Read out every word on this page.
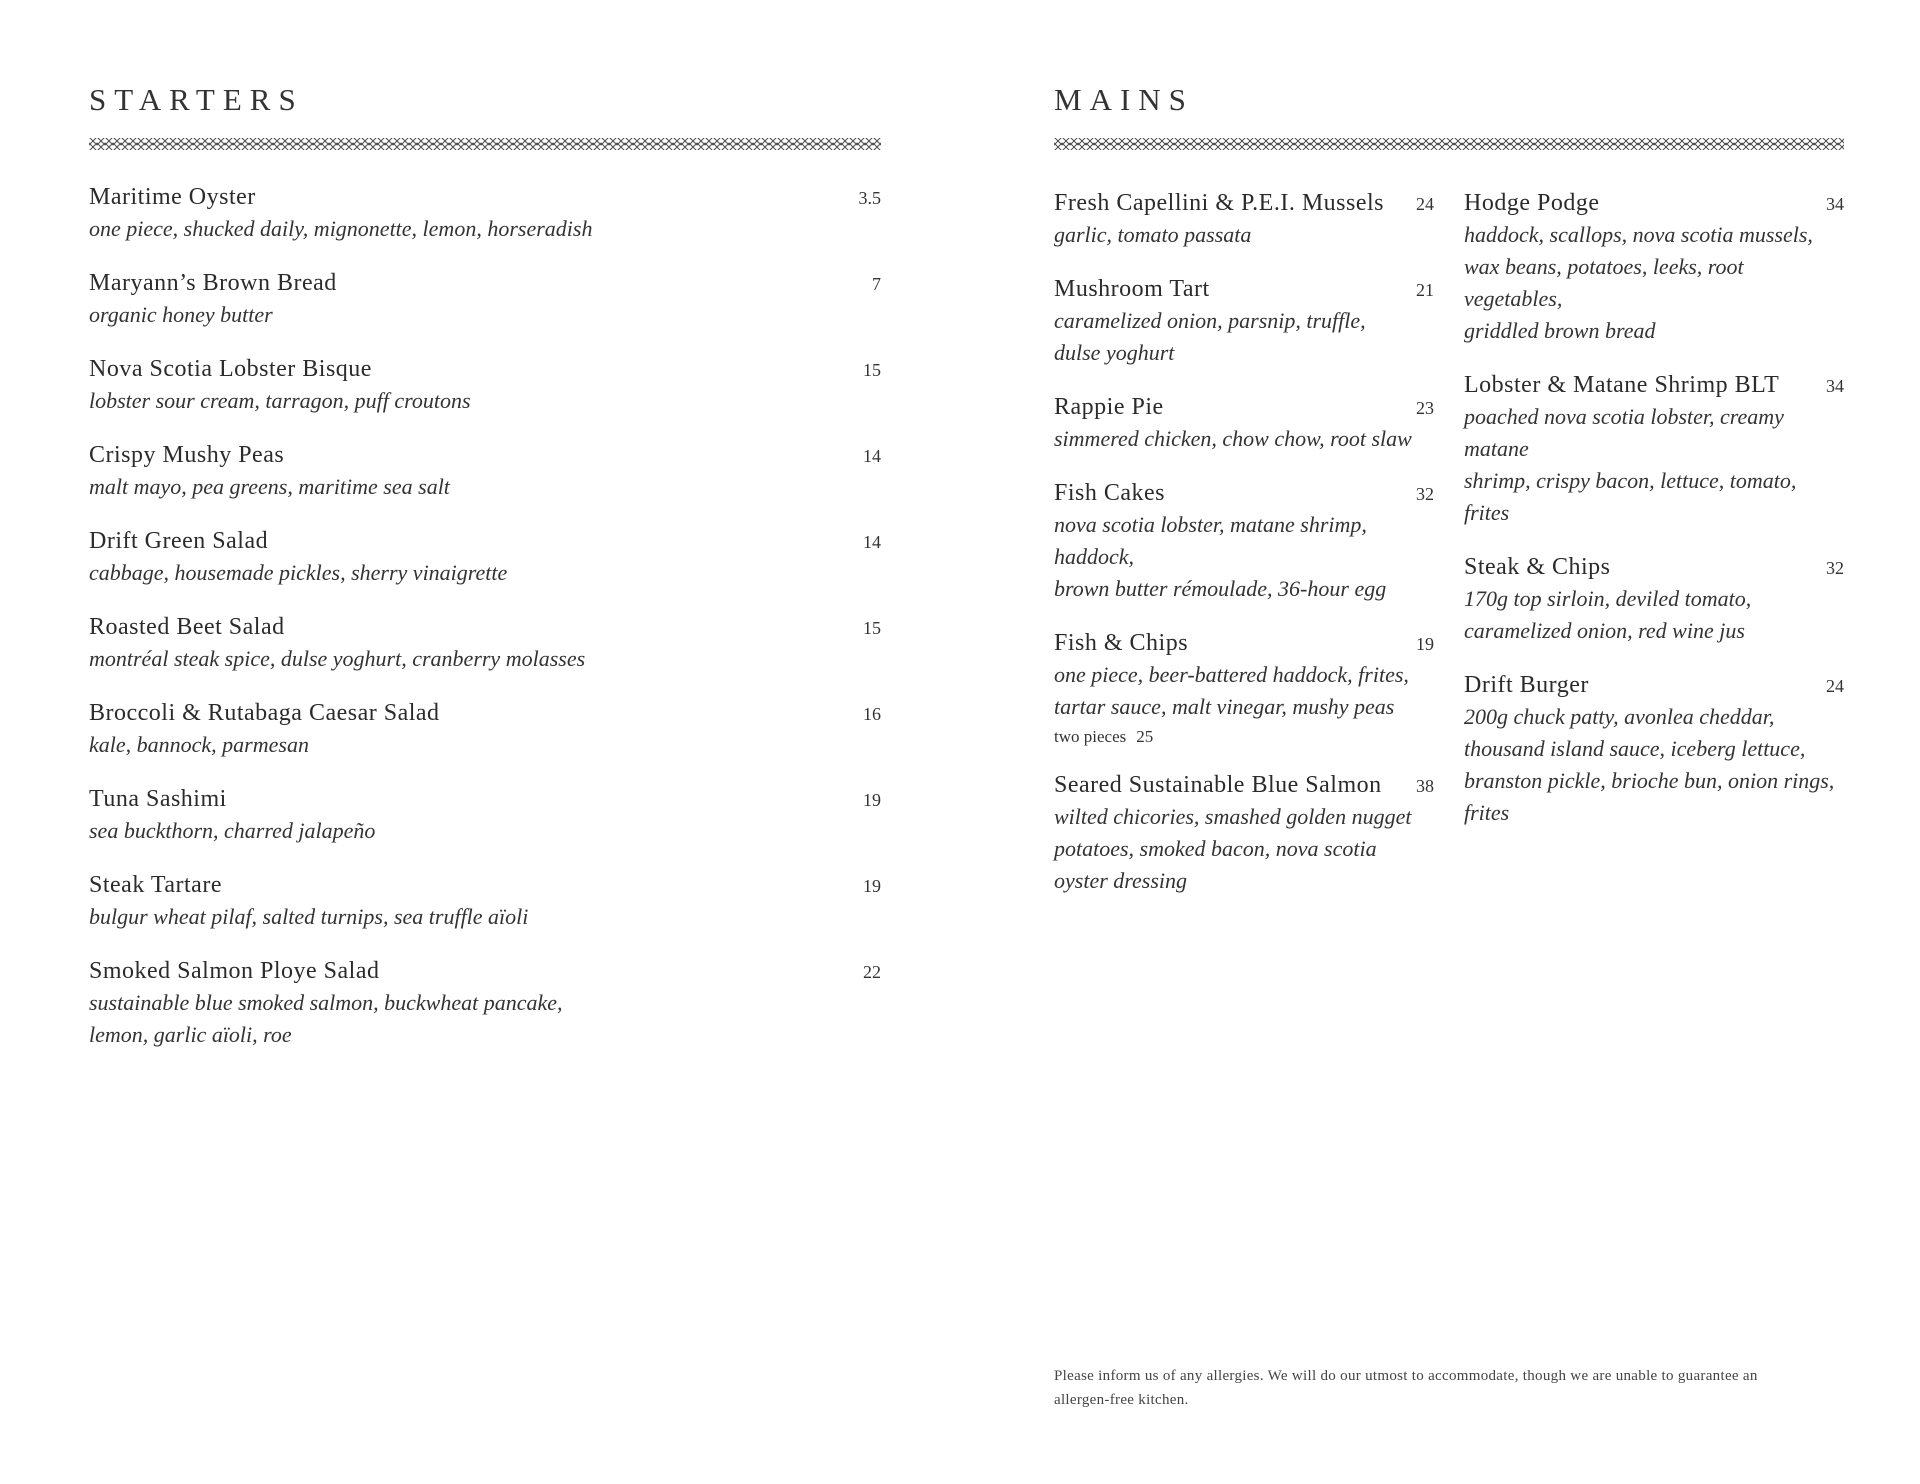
STARTERS
Maritime Oyster	3.5
one piece, shucked daily, mignonette, lemon, horseradish
Maryann’s Brown Bread	7
organic honey butter
Nova Scotia Lobster Bisque	15
lobster sour cream, tarragon, puff croutons
Crispy Mushy Peas	14
malt mayo, pea greens, maritime sea salt
Drift Green Salad	14
cabbage, housemade pickles, sherry vinaigrette
Roasted Beet Salad	15
montréal steak spice, dulse yoghurt, cranberry molasses
Broccoli & Rutabaga Caesar Salad	16
kale, bannock, parmesan
Tuna Sashimi	19
sea buckthorn, charred jalapeño
Steak Tartare	19
bulgur wheat pilaf, salted turnips, sea truffle aïoli
Smoked Salmon Ploye Salad	22
sustainable blue smoked salmon, buckwheat pancake,
lemon, garlic aïoli, roe
MAINS
Fresh Capellini & P.E.I. Mussels 24
garlic, tomato passata
Mushroom Tart	21
caramelized onion, parsnip, truffle,
dulse yoghurt
Rappie Pie	23
simmered chicken, chow chow, root slaw
Fish Cakes	32
nova scotia lobster, matane shrimp, haddock,
brown butter rémoulade, 36-hour egg
Fish & Chips	19
one piece, beer-battered haddock, frites,
tartar sauce, malt vinegar, mushy peas
two pieces 25
Seared Sustainable Blue Salmon 38
wilted chicories, smashed golden nugget
potatoes, smoked bacon, nova scotia
oyster dressing
Hodge Podge	34
haddock, scallops, nova scotia mussels,
wax beans, potatoes, leeks, root vegetables,
griddled brown bread
Lobster & Matane Shrimp BLT	34
poached nova scotia lobster, creamy matane
shrimp, crispy bacon, lettuce, tomato, frites
Steak & Chips	32
170g top sirloin, deviled tomato,
caramelized onion, red wine jus
Drift Burger	24
200g chuck patty, avonlea cheddar,
thousand island sauce, iceberg lettuce,
branston pickle, brioche bun, onion rings,
frites
Please inform us of any allergies. We will do our utmost to accommodate, though we are unable to guarantee an
allergen-free kitchen.
